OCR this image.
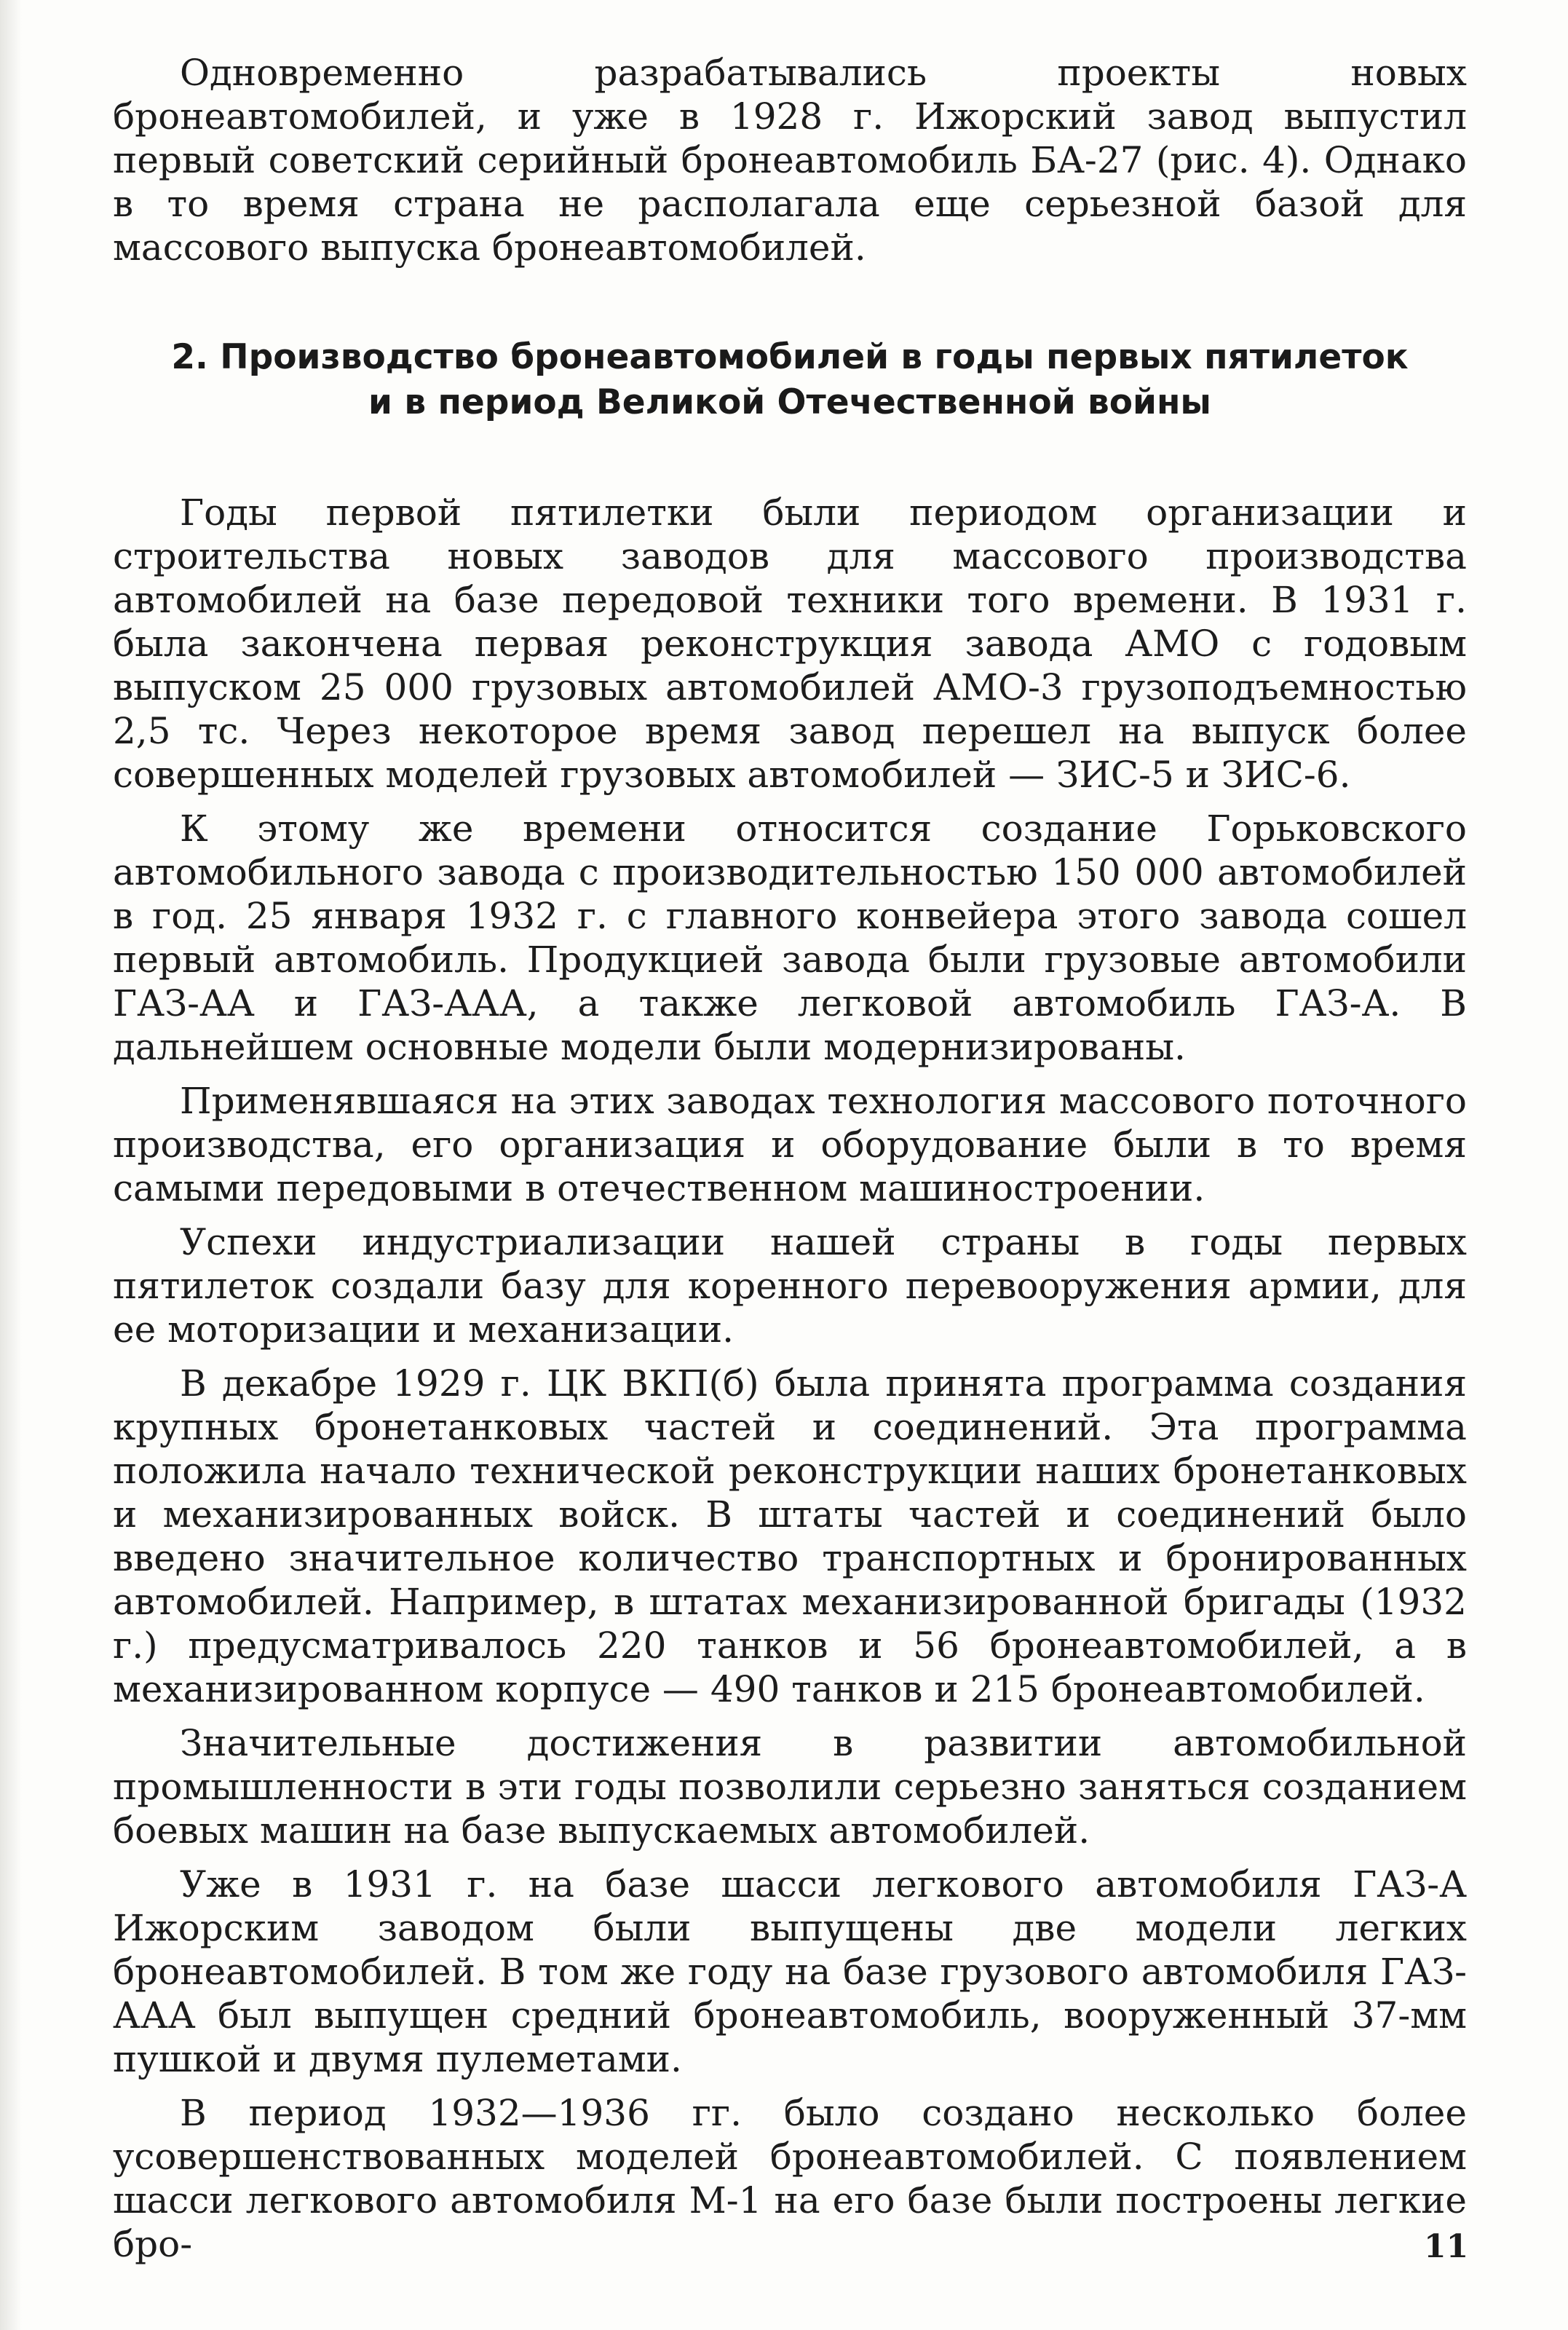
Одновременно разрабатывались проекты новых бронеавтомобилей, и уже в 1928 г. Ижорский завод выпустил первый советский серийный бронеавтомобиль БА-27 (рис. 4). Однако в то время страна не располагала еще серьезной базой для массового выпуска бронеавтомобилей.

2. Производство бронеавтомобилей в годы первых пятилеток
и в период Великой Отечественной войны

Годы первой пятилетки были периодом организации и строительства новых заводов для массового производства автомобилей на базе передовой техники того времени. В 1931 г. была закончена первая реконструкция завода АМО с годовым выпуском 25 000 грузовых автомобилей АМО-3 грузоподъемностью 2,5 тс. Через некоторое время завод перешел на выпуск более совершенных моделей грузовых автомобилей — ЗИС-5 и ЗИС-6.

К этому же времени относится создание Горьковского автомобильного завода с производительностью 150 000 автомобилей в год. 25 января 1932 г. с главного конвейера этого завода сошел первый автомобиль. Продукцией завода были грузовые автомобили ГАЗ-АА и ГАЗ-ААА, а также легковой автомобиль ГАЗ-А. В дальнейшем основные модели были модернизированы.

Применявшаяся на этих заводах технология массового поточного производства, его организация и оборудование были в то время самыми передовыми в отечественном машиностроении.

Успехи индустриализации нашей страны в годы первых пятилеток создали базу для коренного перевооружения армии, для ее моторизации и механизации.

В декабре 1929 г. ЦК ВКП(б) была принята программа создания крупных бронетанковых частей и соединений. Эта программа положила начало технической реконструкции наших бронетанковых и механизированных войск. В штаты частей и соединений было введено значительное количество транспортных и бронированных автомобилей. Например, в штатах механизированной бригады (1932 г.) предусматривалось 220 танков и 56 бронеавтомобилей, а в механизированном корпусе — 490 танков и 215 бронеавтомобилей.

Значительные достижения в развитии автомобильной промышленности в эти годы позволили серьезно заняться созданием боевых машин на базе выпускаемых автомобилей.

Уже в 1931 г. на базе шасси легкового автомобиля ГАЗ-А Ижорским заводом были выпущены две модели легких бронеавтомобилей. В том же году на базе грузового автомобиля ГАЗ-ААА был выпущен средний бронеавтомобиль, вооруженный 37-мм пушкой и двумя пулеметами.

В период 1932—1936 гг. было создано несколько более усовершенствованных моделей бронеавтомобилей. С появлением шасси легкового автомобиля М-1 на его базе были построены легкие бро-	11
